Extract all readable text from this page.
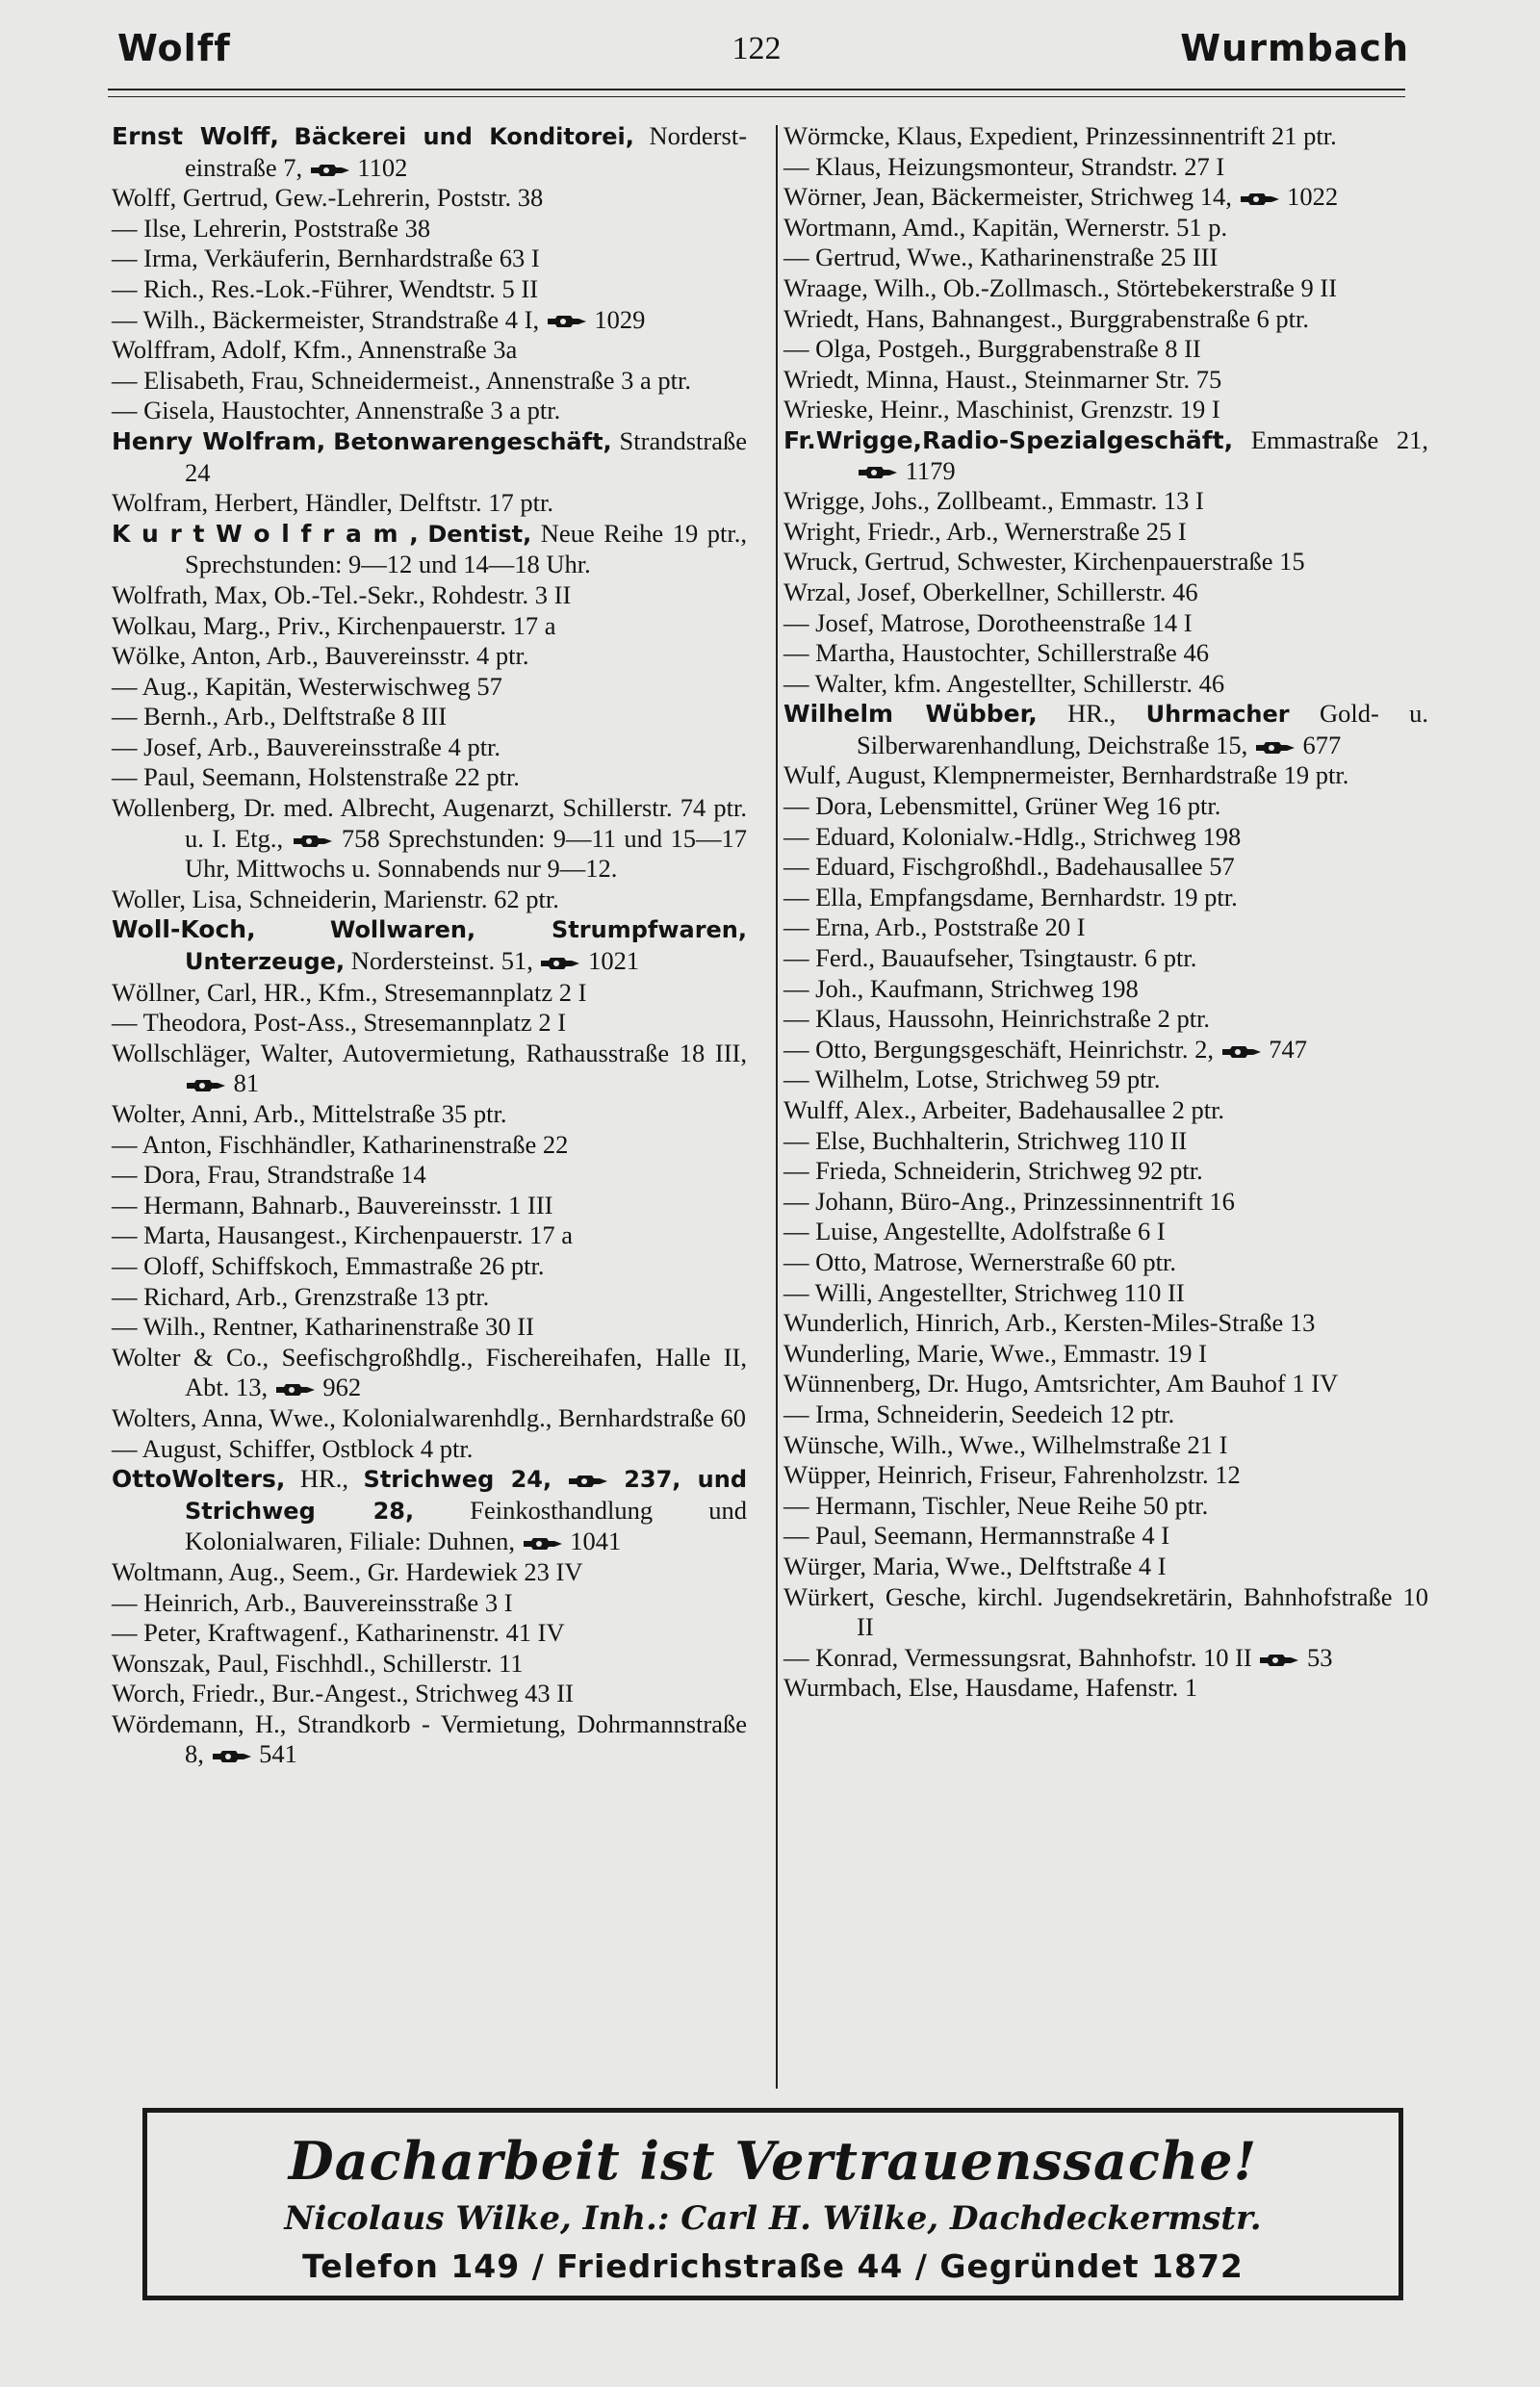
Wolff	122	Wurmbach
Ernst Wolff, Bäckerei und Konditorei, Nordersteinstraße 7, 1102
Wolff, Gertrud, Gew.-Lehrerin, Poststr. 38
— Ilse, Lehrerin, Poststraße 38
— Irma, Verkäuferin, Bernhardstraße 63 I
— Rich., Res.-Lok.-Führer, Wendtstr. 5 II
— Wilh., Bäckermeister, Strandstraße 4 I, 1029
Wolffram, Adolf, Kfm., Annenstraße 3a
— Elisabeth, Frau, Schneidermeist., Annenstraße 3 a ptr.
— Gisela, Haustochter, Annenstraße 3 a ptr.
Henry Wolfram, Betonwarengeschäft, Strandstraße 24
Wolfram, Herbert, Händler, Delftstr. 17 ptr.
K u r t W o l f r a m , Dentist, Neue Reihe 19 ptr., Sprechstunden: 9—12 und 14—18 Uhr.
Wolfrath, Max, Ob.-Tel.-Sekr., Rohdestr. 3 II
Wolkau, Marg., Priv., Kirchenpauerstr. 17 a
Wölke, Anton, Arb., Bauvereinsstr. 4 ptr.
— Aug., Kapitän, Westerwischweg 57
— Bernh., Arb., Delftstraße 8 III
— Josef, Arb., Bauvereinsstraße 4 ptr.
— Paul, Seemann, Holstenstraße 22 ptr.
Wollenberg, Dr. med. Albrecht, Augenarzt, Schillerstr. 74 ptr. u. I. Etg., 758 Sprechstunden: 9—11 und 15—17 Uhr, Mittwochs u. Sonnabends nur 9—12.
Woller, Lisa, Schneiderin, Marienstr. 62 ptr.
Woll-Koch,	Wollwaren, Strumpfwaren, Unterzeuge, Nordersteinst. 51, 1021
Wöllner, Carl, HR., Kfm., Stresemannplatz 2 I
— Theodora, Post-Ass., Stresemannplatz 2 I
Wollschläger, Walter, Autovermietung, Rathausstraße 18 III,  81
Wolter, Anni, Arb., Mittelstraße 35 ptr.
— Anton, Fischhändler, Katharinenstraße 22
— Dora, Frau, Strandstraße 14
— Hermann, Bahnarb., Bauvereinsstr. 1 III
— Marta, Hausangest., Kirchenpauerstr. 17 a
— Oloff, Schiffskoch, Emmastraße 26 ptr.
— Richard, Arb., Grenzstraße 13 ptr.
— Wilh., Rentner, Katharinenstraße 30 II
Wolter & Co., Seefischgroßhdlg., Fischereihafen, Halle II, Abt. 13, 962
Wolters, Anna, Wwe., Kolonialwarenhdlg., Bernhardstraße 60
— August, Schiffer, Ostblock 4 ptr.
OttoWolters, HR., Strichweg 24,	237, und Strichweg 28, Feinkosthandlung und Kolonialwaren, Filiale: Duhnen, 1041
Woltmann, Aug., Seem., Gr. Hardewiek 23 IV
— Heinrich, Arb., Bauvereinsstraße 3 I
— Peter, Kraftwagenf., Katharinenstr. 41 IV
Wonszak, Paul, Fischhdl., Schillerstr. 11
Worch, Friedr., Bur.-Angest., Strichweg 43 II
Wördemann, H., Strandkorb - Vermietung, Dohrmannstraße 8, 541
Wörmcke, Klaus, Expedient, Prinzessinnentrift 21 ptr.
— Klaus, Heizungsmonteur, Strandstr. 27 I
Wörner, Jean, Bäckermeister, Strichweg 14, 1022
Wortmann, Amd., Kapitän, Wernerstr. 51 p.
— Gertrud, Wwe., Katharinenstraße 25 III
Wraage, Wilh., Ob.-Zollmasch., Störtebekerstraße 9 II
Wriedt, Hans, Bahnangest., Burggrabenstraße 6 ptr.
— Olga, Postgeh., Burggrabenstraße 8 II
Wriedt, Minna, Haust., Steinmarner Str. 75
Wrieske, Heinr., Maschinist, Grenzstr. 19 I
Fr.Wrigge,Radio-Spezialgeschäft, Emmastraße 21,  1179
Wrigge, Johs., Zollbeamt., Emmastr. 13 I
Wright, Friedr., Arb., Wernerstraße 25 I
Wruck, Gertrud, Schwester, Kirchenpauerstraße 15
Wrzal, Josef, Oberkellner, Schillerstr. 46
— Josef, Matrose, Dorotheenstraße 14 I
— Martha, Haustochter, Schillerstraße 46
— Walter, kfm. Angestellter, Schillerstr. 46
Wilhelm Wübber, HR., Uhrmacher Gold- u. Silberwarenhandlung, Deichstraße 15, 677
Wulf, August, Klempnermeister, Bernhardstraße 19 ptr.
— Dora, Lebensmittel, Grüner Weg 16 ptr.
— Eduard, Kolonialw.-Hdlg., Strichweg 198
— Eduard, Fischgroßhdl., Badehausallee 57
— Ella, Empfangsdame, Bernhardstr. 19 ptr.
— Erna, Arb., Poststraße 20 I
— Ferd., Bauaufseher, Tsingtaustr. 6 ptr.
— Joh., Kaufmann, Strichweg 198
— Klaus, Haussohn, Heinrichstraße 2 ptr.
— Otto, Bergungsgeschäft, Heinrichstr. 2, 747
— Wilhelm, Lotse, Strichweg 59 ptr.
Wulff, Alex., Arbeiter, Badehausallee 2 ptr.
— Else, Buchhalterin, Strichweg 110 II
— Frieda, Schneiderin, Strichweg 92 ptr.
— Johann, Büro-Ang., Prinzessinnentrift 16
— Luise, Angestellte, Adolfstraße 6 I
— Otto, Matrose, Wernerstraße 60 ptr.
— Willi, Angestellter, Strichweg 110 II
Wunderlich, Hinrich, Arb., Kersten-Miles-Straße 13
Wunderling, Marie, Wwe., Emmastr. 19 I
Wünnenberg, Dr. Hugo, Amtsrichter, Am Bauhof 1 IV
— Irma, Schneiderin, Seedeich 12 ptr.
Wünsche, Wilh., Wwe., Wilhelmstraße 21 I
Wüpper, Heinrich, Friseur, Fahrenholzstr. 12
— Hermann, Tischler, Neue Reihe 50 ptr.
— Paul, Seemann, Hermannstraße 4 I
Würger, Maria, Wwe., Delftstraße 4 I
Würkert, Gesche, kirchl. Jugendsekretärin, Bahnhofstraße 10 II
— Konrad, Vermessungsrat, Bahnhofstr. 10 II 53
Wurmbach, Else, Hausdame, Hafenstr. 1
Dacharbeit ist Vertrauenssache!
Nicolaus Wilke, Inh.: Carl H. Wilke, Dachdeckermstr.
Telefon 149 / Friedrichstraße 44 / Gegründet 1872
